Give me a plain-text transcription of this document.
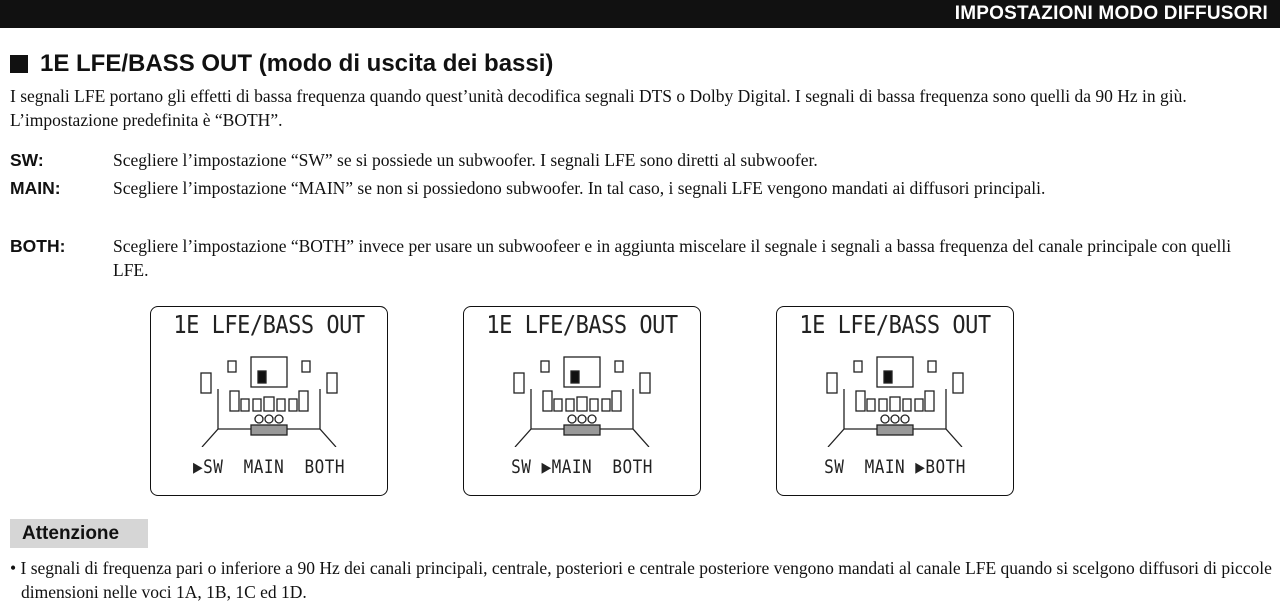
IMPOSTAZIONI MODO DIFFUSORI
1E LFE/BASS OUT (modo di uscita dei bassi)
I segnali LFE portano gli effetti di bassa frequenza quando quest’unità decodifica segnali DTS o Dolby Digital. I segnali di bassa frequenza sono quelli da 90 Hz in giù. L’impostazione predefinita è “BOTH”.
SW:	Scegliere l’impostazione “SW” se si possiede un subwoofer. I segnali LFE sono diretti al subwoofer.
MAIN:	Scegliere l’impostazione “MAIN” se non si possiedono subwoofer. In tal caso, i segnali LFE vengono mandati ai diffusori principali.
BOTH:	Scegliere l’impostazione “BOTH” invece per usare un subwoofeer e in aggiunta miscelare il segnale i segnali a bassa frequenza del canale principale con quelli LFE.
1E LFE/BASS OUT
▶SW  MAIN  BOTH
1E LFE/BASS OUT
SW ▶MAIN  BOTH
1E LFE/BASS OUT
SW  MAIN ▶BOTH
Attenzione
• I segnali di frequenza pari o inferiore a 90 Hz dei canali principali, centrale, posteriori e centrale posteriore vengono mandati al canale LFE quando si scelgono diffusori di piccole dimensioni nelle voci 1A, 1B, 1C ed 1D.
